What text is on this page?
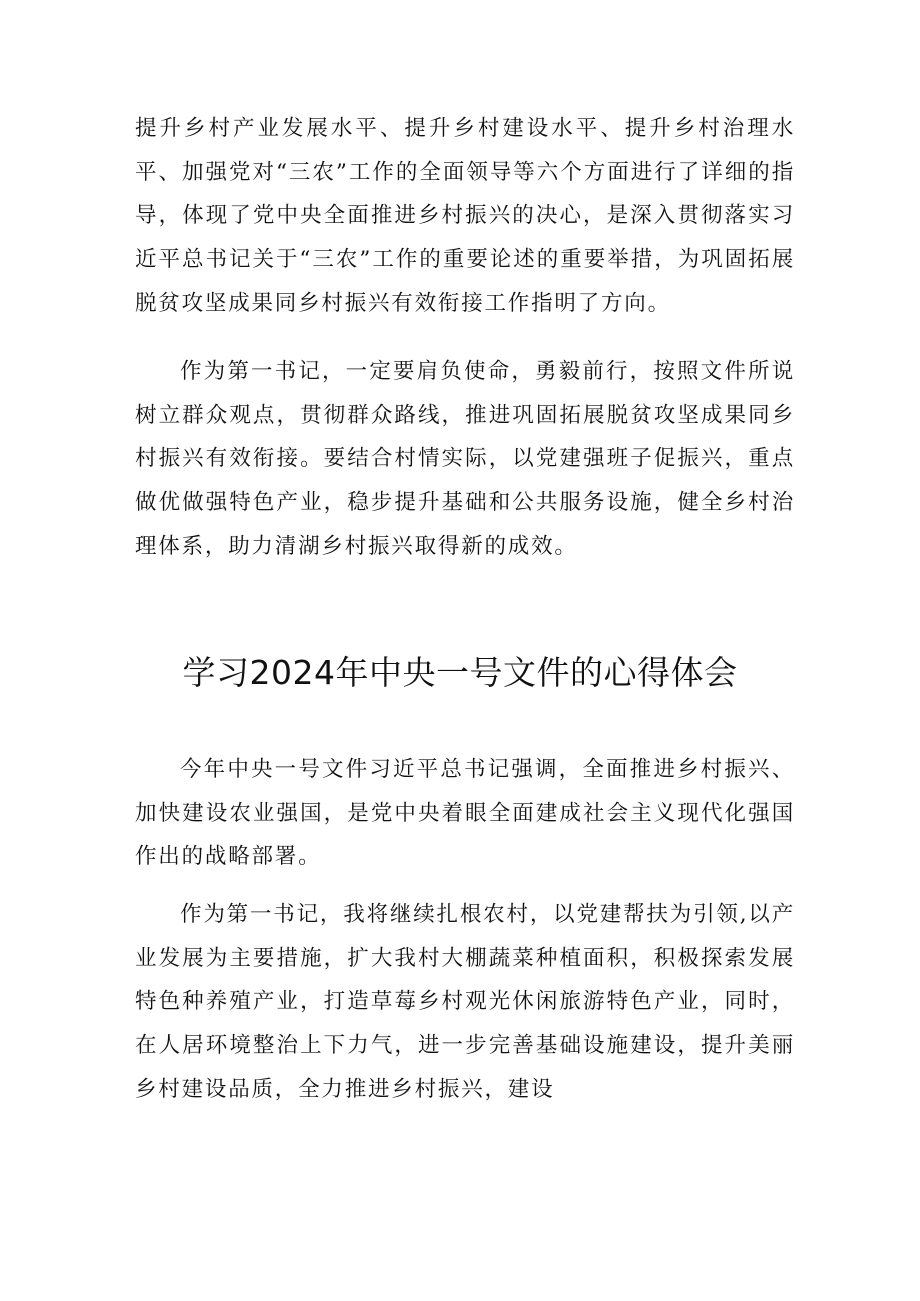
提升乡村产业发展水平、提升乡村建设水平、提升乡村治理水平、加强党对“三农”工作的全面领导等六个方面进行了详细的指导，体现了党中央全面推进乡村振兴的决心，是深入贯彻落实习近平总书记关于“三农”工作的重要论述的重要举措，为巩固拓展脱贫攻坚成果同乡村振兴有效衔接工作指明了方向。

作为第一书记，一定要肩负使命，勇毅前行，按照文件所说树立群众观点，贯彻群众路线，推进巩固拓展脱贫攻坚成果同乡村振兴有效衔接。要结合村情实际，以党建强班子促振兴，重点做优做强特色产业，稳步提升基础和公共服务设施，健全乡村治理体系，助力清湖乡村振兴取得新的成效。

学习2024年中央一号文件的心得体会

今年中央一号文件习近平总书记强调，全面推进乡村振兴、加快建设农业强国，是党中央着眼全面建成社会主义现代化强国作出的战略部署。

作为第一书记，我将继续扎根农村，以党建帮扶为引领,以产业发展为主要措施，扩大我村大棚蔬菜种植面积，积极探索发展特色种养殖产业，打造草莓乡村观光休闲旅游特色产业，同时，在人居环境整治上下力气，进一步完善基础设施建设，提升美丽乡村建设品质，全力推进乡村振兴，建设
